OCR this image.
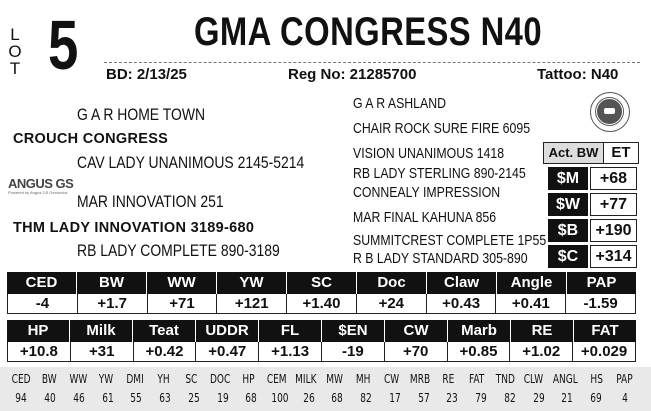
L
O
T 5	GMA CONGRESS N40
BD: 2/13/25	Reg No: 21285700	Tattoo: N40
G A R HOME TOWN
CROUCH CONGRESS
CAV LADY UNANIMOUS 2145-5214
ANGUS GS
Powered by Angus GS Genomics MAR INNOVATION 251
THM LADY INNOVATION 3189-680
RB LADY COMPLETE 890-3189
G A R ASHLAND
CHAIR ROCK SURE FIRE 6095
VISION UNANIMOUS 1418
RB LADY STERLING 890-2145
CONNEALY IMPRESSION
MAR FINAL KAHUNA 856
SUMMITCREST COMPLETE 1P55
R B LADY STANDARD 305-890
Act. BW ET
$M	+68
$W	+77
$B	+190
$C	+314
CED	BW	WW	YW	SC	Doc	Claw	Angle	PAP
-4	+1.7	+71	+121	+1.40	+24	+0.43	+0.41	-1.59
HP	Milk	Teat	UDDR	FL	$EN	CW	Marb	RE	FAT
+10.8	+31	+0.42	+0.47	+1.13	-19	+70	+0.85	+1.02	+0.029
CED BW WW YW	DMI	YH	SC DOC HP CEM MILK MW	MH	CW MRB RE	FAT TND CLW ANGL	HS	PAP
94	40	46	61	55	63	25	19	68	100	26	68	82	17	57	23	79	82	29	21	69	4
